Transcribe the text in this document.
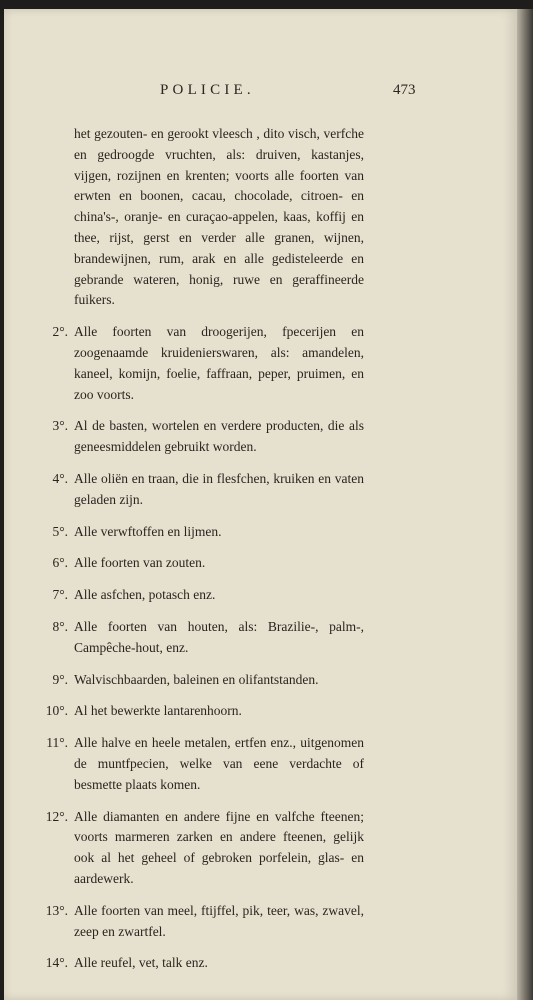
POLICIE.	473

het gezouten- en gerookt vleesch , dito visch, verfche en gedroogde vruchten, als: druiven, kastanjes, vijgen, rozijnen en krenten; voorts alle foorten van erwten en boonen, cacau, chocolade, citroen- en china's-, oranje- en curaçao-appelen, kaas, koffij en thee, rijst, gerst en verder alle granen, wijnen, brandewijnen, rum, arak en alle gedisteleerde en gebrande wateren, honig, ruwe en geraffineerde fuikers.

2°. Alle foorten van droogerijen, fpecerijen en zoogenaamde kruidenierswaren, als: amandelen, kaneel, komijn, foelie, faffraan, peper, pruimen, en zoo voorts.
3°. Al de basten, wortelen en verdere producten, die als geneesmiddelen gebruikt worden.
4°. Alle oliën en traan, die in flesfchen, kruiken en vaten geladen zijn.
5°. Alle verwftoffen en lijmen.
6°. Alle foorten van zouten.
7°. Alle asfchen, potasch enz.
8°. Alle foorten van houten, als: Brazilie-, palm-, Campêche-hout, enz.
9°. Walvischbaarden, baleinen en olifantstanden.
10°. Al het bewerkte lantarenhoorn.
11°. Alle halve en heele metalen, ertfen enz., uitgenomen de muntfpecien, welke van eene verdachte of besmette plaats komen.
12°. Alle diamanten en andere fijne en valfche fteenen; voorts marmeren zarken en andere fteenen, gelijk ook al het geheel of gebroken porfelein, glas- en aardewerk.
13°. Alle foorten van meel, ftijffel, pik, teer, was, zwavel, zeep en zwartfel.
14°. Alle reufel, vet, talk enz.
